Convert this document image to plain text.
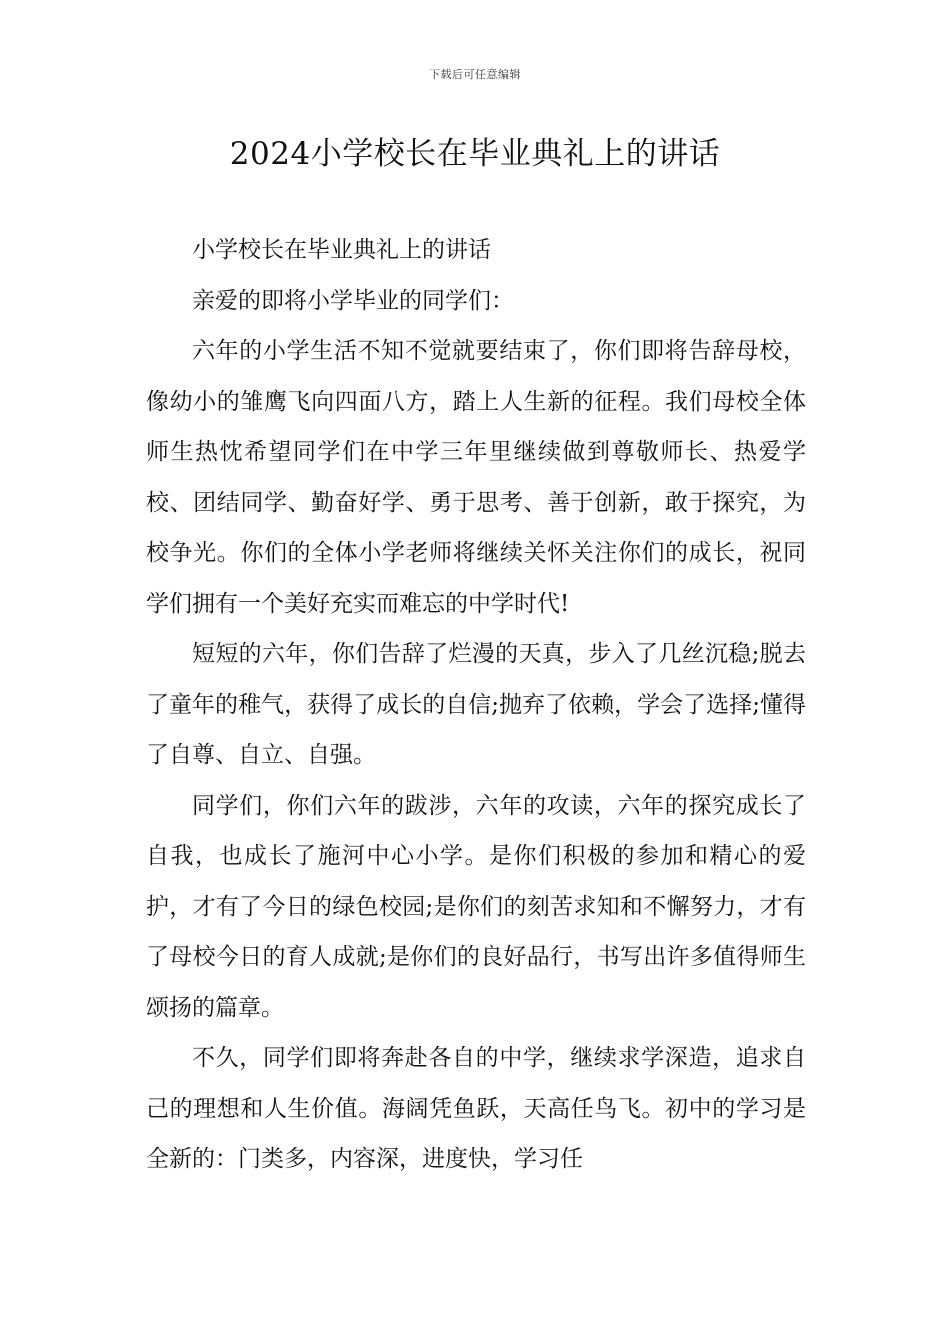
下载后可任意编辑
2024小学校长在毕业典礼上的讲话

小学校长在毕业典礼上的讲话

亲爱的即将小学毕业的同学们：

六年的小学生活不知不觉就要结束了，你们即将告辞母校，像幼小的雏鹰飞向四面八方，踏上人生新的征程。我们母校全体师生热忱希望同学们在中学三年里继续做到尊敬师长、热爱学校、团结同学、勤奋好学、勇于思考、善于创新，敢于探究，为校争光。你们的全体小学老师将继续关怀关注你们的成长，祝同学们拥有一个美好充实而难忘的中学时代!

短短的六年，你们告辞了烂漫的天真，步入了几丝沉稳;脱去了童年的稚气，获得了成长的自信;抛弃了依赖，学会了选择;懂得了自尊、自立、自强。

同学们，你们六年的跋涉，六年的攻读，六年的探究成长了自我，也成长了施河中心小学。是你们积极的参加和精心的爱护，才有了今日的绿色校园;是你们的刻苦求知和不懈努力，才有了母校今日的育人成就;是你们的良好品行，书写出许多值得师生颂扬的篇章。

不久，同学们即将奔赴各自的中学，继续求学深造，追求自己的理想和人生价值。海阔凭鱼跃，天高任鸟飞。初中的学习是全新的：门类多，内容深，进度快，学习任
